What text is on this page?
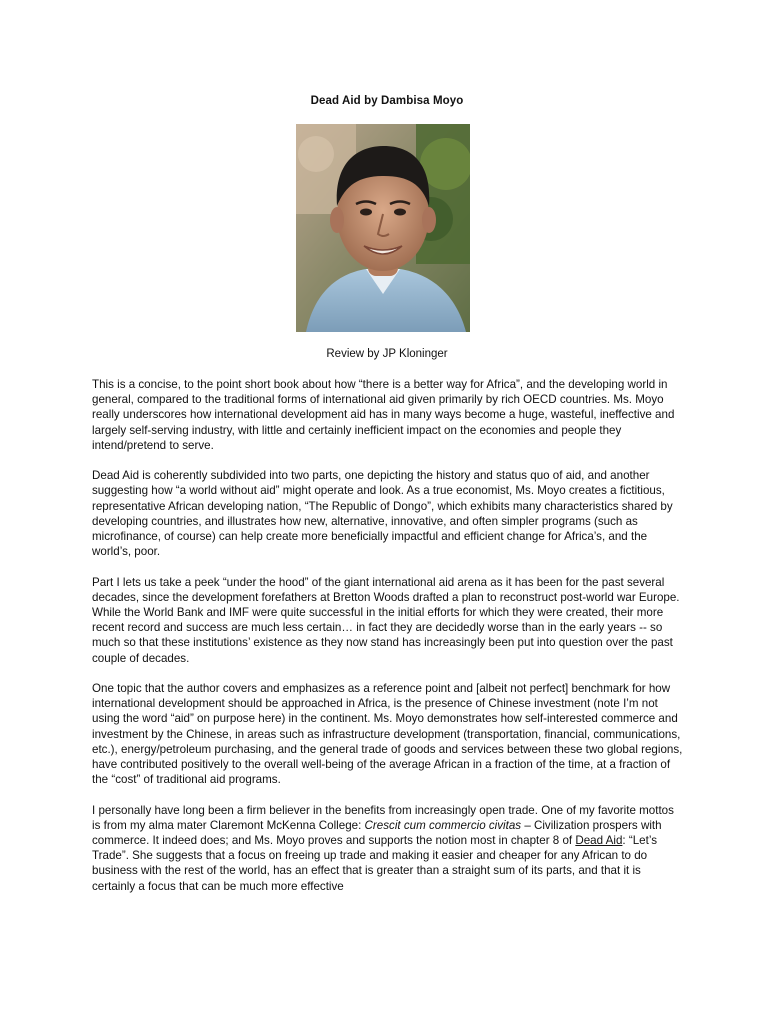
Dead Aid by Dambisa Moyo
Review by JP Kloninger

This is a concise, to the point short book about how “there is a better way for Africa”, and the developing world in general, compared to the traditional forms of international aid given primarily by rich OECD countries. Ms. Moyo really underscores how international development aid has in many ways become a huge, wasteful, ineffective and largely self-serving industry, with little and certainly inefficient impact on the economies and people they intend/pretend to serve.

Dead Aid is coherently subdivided into two parts, one depicting the history and status quo of aid, and another suggesting how “a world without aid” might operate and look. As a true economist, Ms. Moyo creates a fictitious, representative African developing nation, “The Republic of Dongo”, which exhibits many characteristics shared by developing countries, and illustrates how new, alternative, innovative, and often simpler programs (such as microfinance, of course) can help create more beneficially impactful and efficient change for Africa’s, and the world’s, poor.

Part I lets us take a peek “under the hood” of the giant international aid arena as it has been for the past several decades, since the development forefathers at Bretton Woods drafted a plan to reconstruct post-world war Europe. While the World Bank and IMF were quite successful in the initial efforts for which they were created, their more recent record and success are much less certain… in fact they are decidedly worse than in the early years -- so much so that these institutions’ existence as they now stand has increasingly been put into question over the past couple of decades.

One topic that the author covers and emphasizes as a reference point and [albeit not perfect] benchmark for how international development should be approached in Africa, is the presence of Chinese investment (note I’m not using the word “aid” on purpose here) in the continent. Ms. Moyo demonstrates how self-interested commerce and investment by the Chinese, in areas such as infrastructure development (transportation, financial, communications, etc.), energy/petroleum purchasing, and the general trade of goods and services between these two global regions, have contributed positively to the overall well-being of the average African in a fraction of the time, at a fraction of the “cost” of traditional aid programs.

I personally have long been a firm believer in the benefits from increasingly open trade. One of my favorite mottos is from my alma mater Claremont McKenna College: Crescit cum commercio civitas – Civilization prospers with commerce. It indeed does; and Ms. Moyo proves and supports the notion most in chapter 8 of Dead Aid: “Let’s Trade”. She suggests that a focus on freeing up trade and making it easier and cheaper for any African to do business with the rest of the world, has an effect that is greater than a straight sum of its parts, and that it is certainly a focus that can be much more effective
